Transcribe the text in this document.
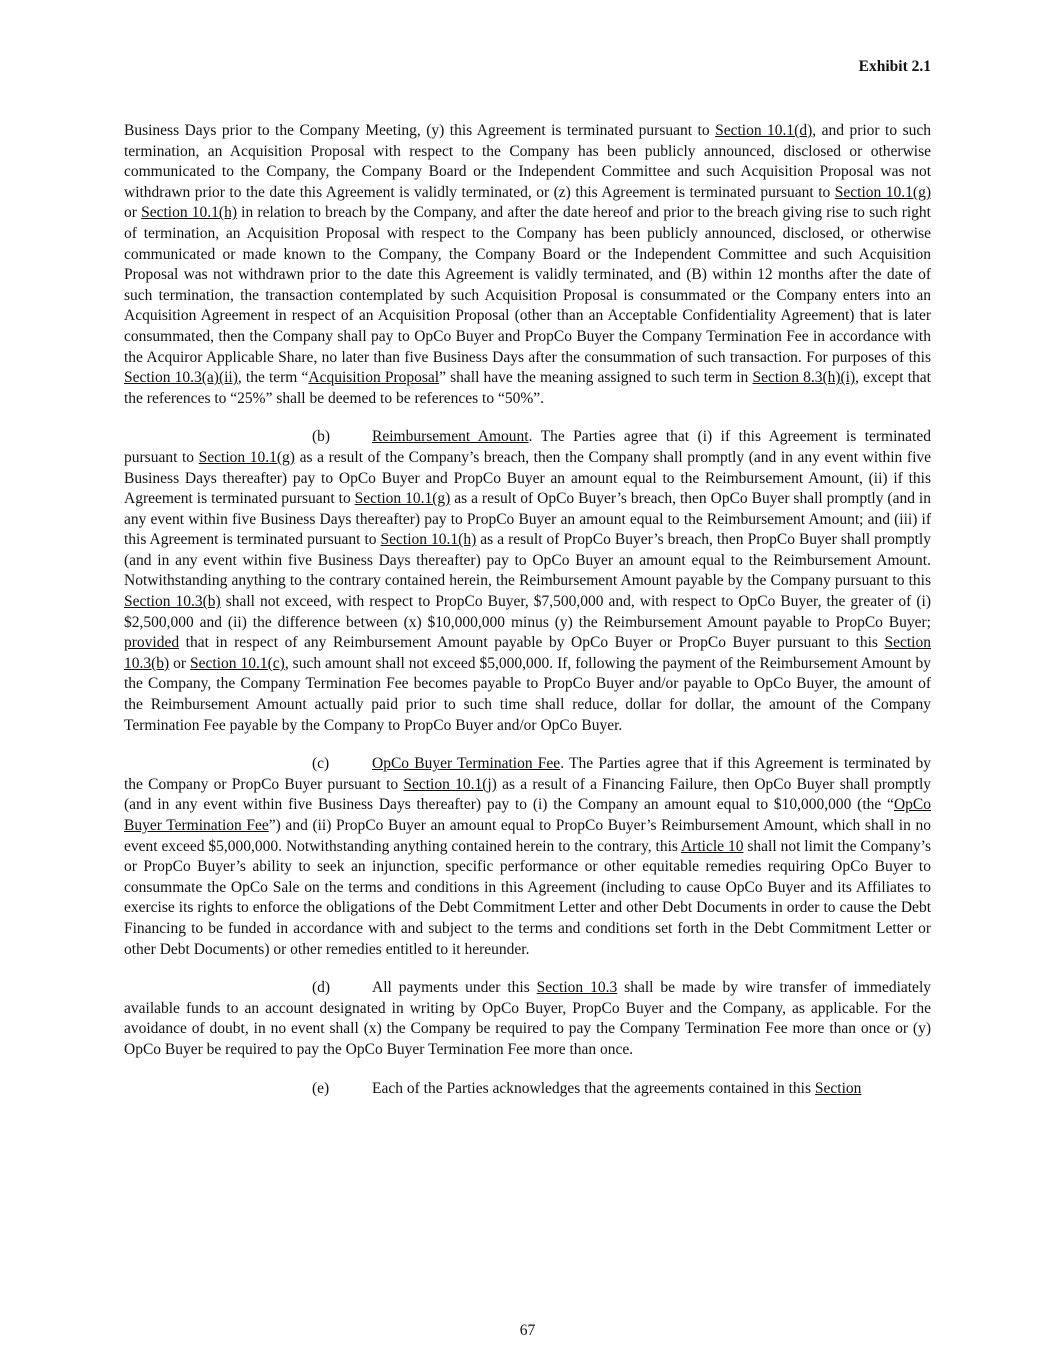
Exhibit 2.1

Business Days prior to the Company Meeting, (y) this Agreement is terminated pursuant to Section 10.1(d), and prior to such termination, an Acquisition Proposal with respect to the Company has been publicly announced, disclosed or otherwise communicated to the Company, the Company Board or the Independent Committee and such Acquisition Proposal was not withdrawn prior to the date this Agreement is validly terminated, or (z) this Agreement is terminated pursuant to Section 10.1(g) or Section 10.1(h) in relation to breach by the Company, and after the date hereof and prior to the breach giving rise to such right of termination, an Acquisition Proposal with respect to the Company has been publicly announced, disclosed, or otherwise communicated or made known to the Company, the Company Board or the Independent Committee and such Acquisition Proposal was not withdrawn prior to the date this Agreement is validly terminated, and (B) within 12 months after the date of such termination, the transaction contemplated by such Acquisition Proposal is consummated or the Company enters into an Acquisition Agreement in respect of an Acquisition Proposal (other than an Acceptable Confidentiality Agreement) that is later consummated, then the Company shall pay to OpCo Buyer and PropCo Buyer the Company Termination Fee in accordance with the Acquiror Applicable Share, no later than five Business Days after the consummation of such transaction. For purposes of this Section 10.3(a)(ii), the term “Acquisition Proposal” shall have the meaning assigned to such term in Section 8.3(h)(i), except that the references to “25%” shall be deemed to be references to “50%”.

(b)	Reimbursement Amount. The Parties agree that (i) if this Agreement is terminated pursuant to Section 10.1(g) as a result of the Company’s breach, then the Company shall promptly (and in any event within five Business Days thereafter) pay to OpCo Buyer and PropCo Buyer an amount equal to the Reimbursement Amount, (ii) if this Agreement is terminated pursuant to Section 10.1(g) as a result of OpCo Buyer’s breach, then OpCo Buyer shall promptly (and in any event within five Business Days thereafter) pay to PropCo Buyer an amount equal to the Reimbursement Amount; and (iii) if this Agreement is terminated pursuant to Section 10.1(h) as a result of PropCo Buyer’s breach, then PropCo Buyer shall promptly (and in any event within five Business Days thereafter) pay to OpCo Buyer an amount equal to the Reimbursement Amount. Notwithstanding anything to the contrary contained herein, the Reimbursement Amount payable by the Company pursuant to this Section 10.3(b) shall not exceed, with respect to PropCo Buyer, $7,500,000 and, with respect to OpCo Buyer, the greater of (i) $2,500,000 and (ii) the difference between (x) $10,000,000 minus (y) the Reimbursement Amount payable to PropCo Buyer; provided that in respect of any Reimbursement Amount payable by OpCo Buyer or PropCo Buyer pursuant to this Section 10.3(b) or Section 10.1(c), such amount shall not exceed $5,000,000. If, following the payment of the Reimbursement Amount by the Company, the Company Termination Fee becomes payable to PropCo Buyer and/or payable to OpCo Buyer, the amount of the Reimbursement Amount actually paid prior to such time shall reduce, dollar for dollar, the amount of the Company Termination Fee payable by the Company to PropCo Buyer and/or OpCo Buyer.

(c)	OpCo Buyer Termination Fee. The Parties agree that if this Agreement is terminated by the Company or PropCo Buyer pursuant to Section 10.1(j) as a result of a Financing Failure, then OpCo Buyer shall promptly (and in any event within five Business Days thereafter) pay to (i) the Company an amount equal to $10,000,000 (the “OpCo Buyer Termination Fee”) and (ii) PropCo Buyer an amount equal to PropCo Buyer’s Reimbursement Amount, which shall in no event exceed $5,000,000. Notwithstanding anything contained herein to the contrary, this Article 10 shall not limit the Company’s or PropCo Buyer’s ability to seek an injunction, specific performance or other equitable remedies requiring OpCo Buyer to consummate the OpCo Sale on the terms and conditions in this Agreement (including to cause OpCo Buyer and its Affiliates to exercise its rights to enforce the obligations of the Debt Commitment Letter and other Debt Documents in order to cause the Debt Financing to be funded in accordance with and subject to the terms and conditions set forth in the Debt Commitment Letter or other Debt Documents) or other remedies entitled to it hereunder.

(d)	All payments under this Section 10.3 shall be made by wire transfer of immediately available funds to an account designated in writing by OpCo Buyer, PropCo Buyer and the Company, as applicable. For the avoidance of doubt, in no event shall (x) the Company be required to pay the Company Termination Fee more than once or (y) OpCo Buyer be required to pay the OpCo Buyer Termination Fee more than once.

(e)	Each of the Parties acknowledges that the agreements contained in this Section

67
